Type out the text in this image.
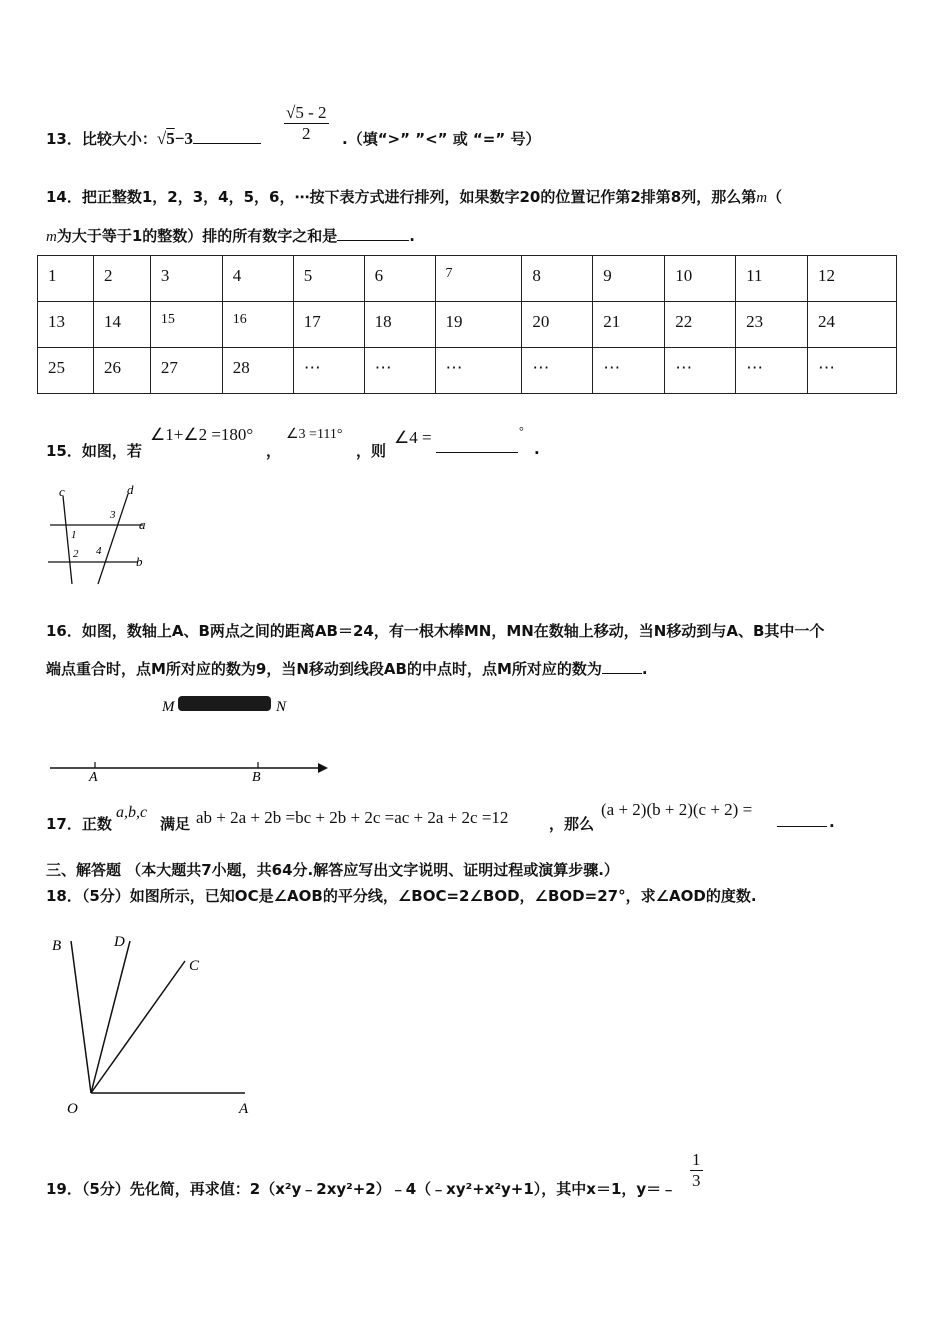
13．比较大小：√5−3	$\frac{√5 - 2}{2}$ .（填“>” ”<” 或 “=” 号）
14．把正整数1，2，3，4，5，6，⋯按下表方式进行排列，如果数字20的位置记作第2排第8列，那么第m（
m为大于等于1的整数）排的所有数字之和是	.
1	2	3	4	5	6	7	8	9	10	11	12
13	14	15	16	17	18	19	20	21	22	23	24
25	26	27	28	⋯	⋯	⋯	⋯	⋯	⋯	⋯	⋯
15．如图，若
∠1+∠2 =180°
，
∠3 =111°
，则
∠4 =	°
.
c	d
a
b
1
2
3
4
16．如图，数轴上A、B两点之间的距离AB＝24，有一根木棒MN，MN在数轴上移动，当N移动到与A、B其中一个
端点重合时，点M所对应的数为9，当N移动到线段AB的中点时，点M所对应的数为	.
M	N
A	B
17．正数
a,b,c
满足 ab + 2a + 2b =bc + 2b + 2c =ac + 2a + 2c =12	，那么
(a + 2)(b + 2)(c + 2) =
.
三、解答题 （本大题共7小题，共64分.解答应写出文字说明、证明过程或演算步骤.）
18．（5分）如图所示，已知OC是∠AOB的平分线，∠BOC=2∠BOD，∠BOD=27°，求∠AOD的度数.
B	D
C
O	A
19．（5分）先化简，再求值：2（x²y﹣2xy²+2）﹣4（﹣xy²+x²y+1），其中x＝1，y＝﹣ $\frac{1}{3}$
